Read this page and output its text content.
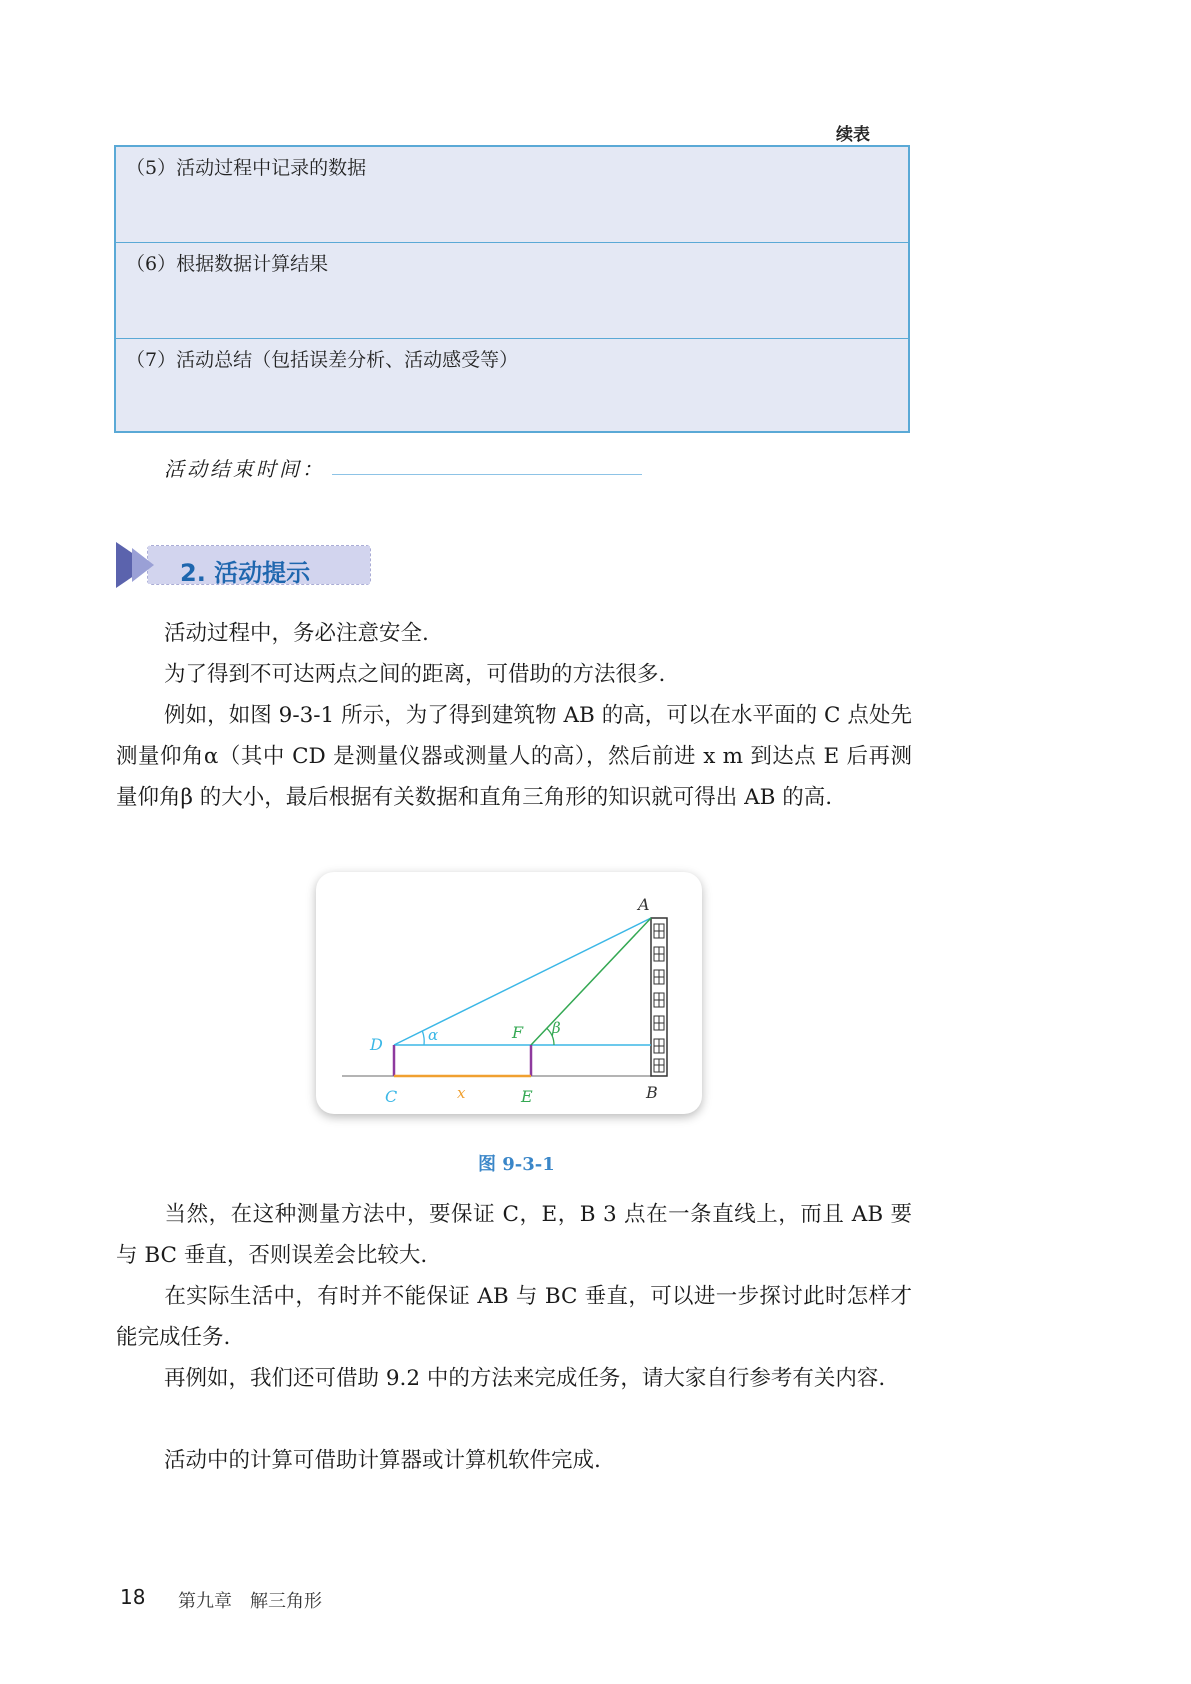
续表
（5）活动过程中记录的数据
（6）根据数据计算结果
（7）活动总结（包括误差分析、活动感受等）
活动结束时间：
2. 活动提示

活动过程中，务必注意安全.

为了得到不可达两点之间的距离，可借助的方法很多.

例如，如图 9-3-1 所示，为了得到建筑物 AB 的高，可以在水平面的 C 点处先测量仰角α（其中 CD 是测量仪器或测量人的高），然后前进 x m 到达点 E 后再测量仰角β 的大小，最后根据有关数据和直角三角形的知识就可得出 AB 的高.

A
B
C
D
E
F
α	β
x
图 9-3-1

当然，在这种测量方法中，要保证 C，E，B 3 点在一条直线上，而且 AB 要与 BC 垂直，否则误差会比较大.

在实际生活中，有时并不能保证 AB 与 BC 垂直，可以进一步探讨此时怎样才能完成任务.

再例如，我们还可借助 9.2 中的方法来完成任务，请大家自行参考有关内容.

活动中的计算可借助计算器或计算机软件完成.

18 第九章　解三角形
